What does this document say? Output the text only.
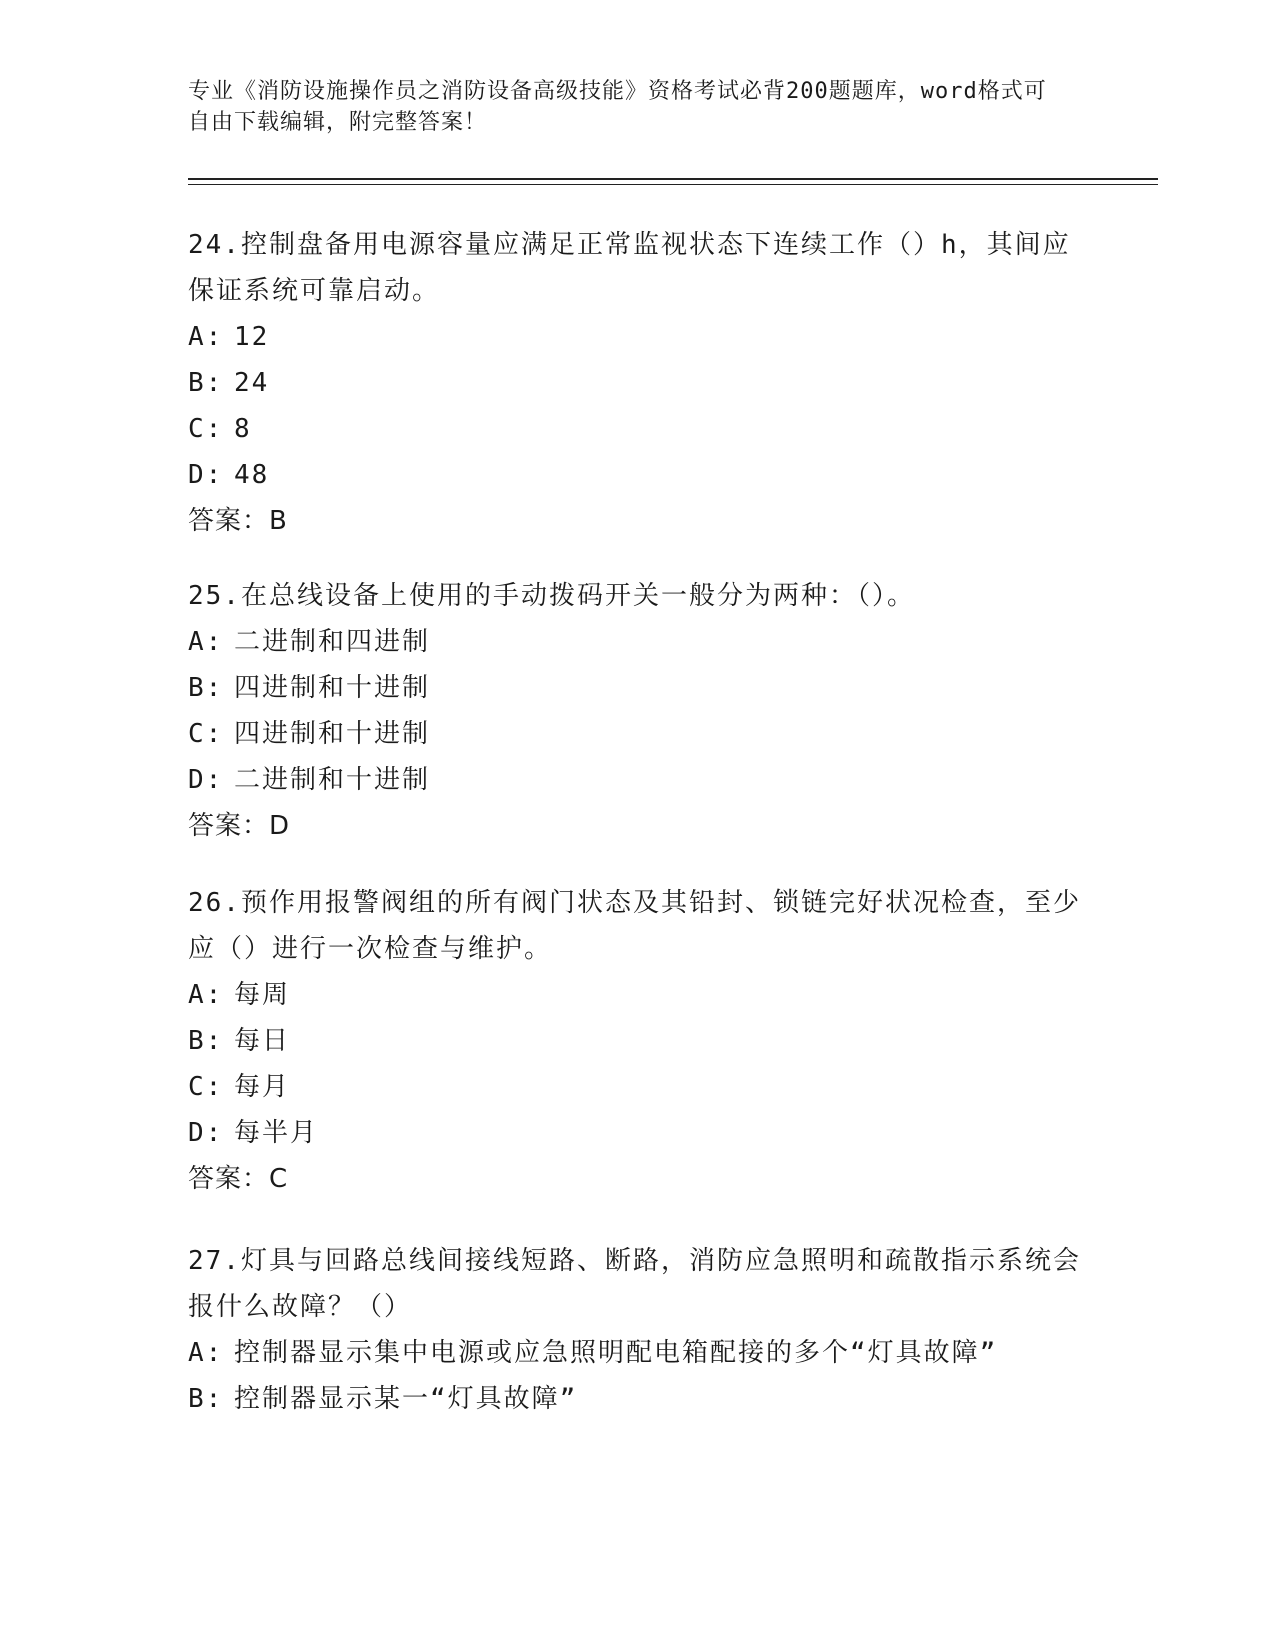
专业《消防设施操作员之消防设备高级技能》资格考试必背200题题库，word格式可自由下载编辑，附完整答案！
24.控制盘备用电源容量应满足正常监视状态下连续工作（）h，其间应保证系统可靠启动。
A: 12
B: 24
C: 8
D: 48
答案：B
25.在总线设备上使用的手动拨码开关一般分为两种：（）。
A: 二进制和四进制
B: 四进制和十进制
C: 四进制和十进制
D: 二进制和十进制
答案：D
26.预作用报警阀组的所有阀门状态及其铅封、锁链完好状况检查，至少应（）进行一次检查与维护。
A: 每周
B: 每日
C: 每月
D: 每半月
答案：C
27.灯具与回路总线间接线短路、断路，消防应急照明和疏散指示系统会报什么故障？（）
A: 控制器显示集中电源或应急照明配电箱配接的多个“灯具故障”
B: 控制器显示某一“灯具故障”
